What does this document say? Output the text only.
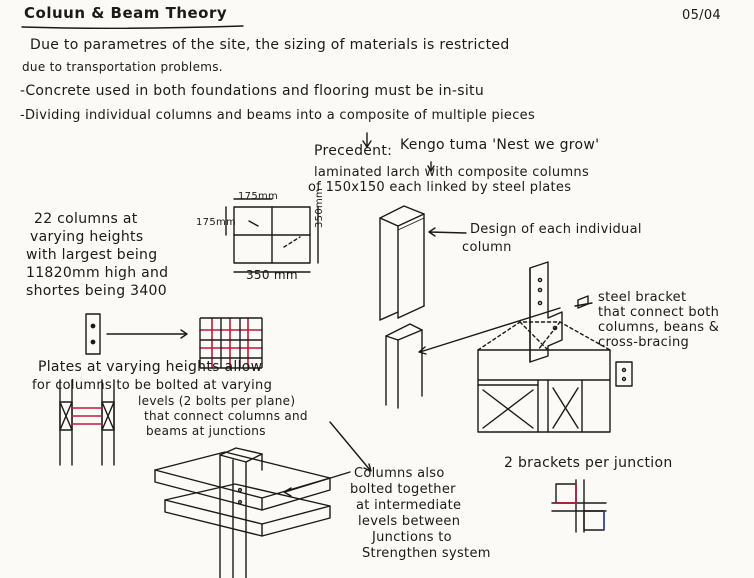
Coluun & Beam Theory	05/04
Due to parametres of the site, the sizing of materials is restricted
due to transportation problems.
-Concrete used in both foundations and flooring must be in-situ
-Dividing individual columns and beams into a composite of multiple pieces
Precedent: Kengo tuma 'Nest we grow'
laminated larch with composite columns
of 150x150 each linked by steel plates
175mm
175mm	350mm
350 mm
22 columns at
varying heights
with largest being
11820mm high and
shortes being 3400
Design of each individual
column
steel bracket
that connect both
columns, beans &
cross-bracing
Plates at varying heights allow
for columns to be bolted at varying
levels (2 bolts per plane)
that connect columns and
beams at junctions
Columns also
bolted together
at intermediate
levels between
Junctions to
Strengthen system
2 brackets per junction
